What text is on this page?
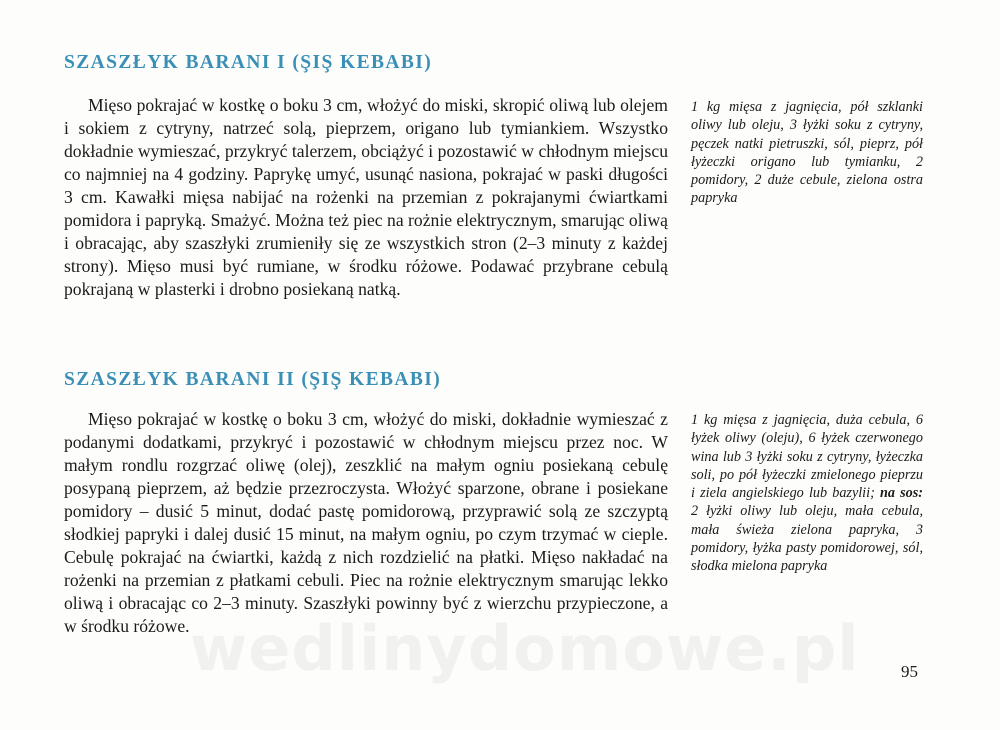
SZASZŁYK BARANI I (ŞIŞ KEBABI)

Mięso pokrajać w kostkę o boku 3 cm, włożyć do miski, skropić oliwą lub olejem i sokiem z cytryny, natrzeć solą, pieprzem, origano lub tymiankiem. Wszystko dokładnie wymieszać, przykryć talerzem, obciążyć i pozostawić w chłodnym miejscu co najmniej na 4 godziny. Paprykę umyć, usunąć nasiona, pokrajać w paski długości 3 cm. Kawałki mięsa nabijać na rożenki na przemian z pokrajanymi ćwiartkami pomidora i papryką. Smażyć. Można też piec na rożnie elektrycznym, smarując oliwą i obracając, aby szaszłyki zrumieniły się ze wszystkich stron (2–3 minuty z każdej strony). Mięso musi być rumiane, w środku różowe. Podawać przybrane cebulą pokrajaną w plasterki i drobno posiekaną natką.

1 kg mięsa z jagnięcia, pół szklanki oliwy lub oleju, 3 łyżki soku z cytryny, pęczek natki pietruszki, sól, pieprz, pół łyżeczki origano lub tymianku, 2 pomidory, 2 duże cebule, zielona ostra papryka

SZASZŁYK BARANI II (ŞIŞ KEBABI)

Mięso pokrajać w kostkę o boku 3 cm, włożyć do miski, dokładnie wymieszać z podanymi dodatkami, przykryć i pozostawić w chłodnym miejscu przez noc. W małym rondlu rozgrzać oliwę (olej), zeszklić na małym ogniu posiekaną cebulę posypaną pieprzem, aż będzie przezroczysta. Włożyć sparzone, obrane i posiekane pomidory – dusić 5 minut, dodać pastę pomidorową, przyprawić solą ze szczyptą słodkiej papryki i dalej dusić 15 minut, na małym ogniu, po czym trzymać w cieple. Cebulę pokrajać na ćwiartki, każdą z nich rozdzielić na płatki. Mięso nakładać na rożenki na przemian z płatkami cebuli. Piec na rożnie elektrycznym smarując lekko oliwą i obracając co 2–3 minuty. Szaszłyki powinny być z wierzchu przypieczone, a w środku różowe.

1 kg mięsa z jagnięcia, duża cebula, 6 łyżek oliwy (oleju), 6 łyżek czerwonego wina lub 3 łyżki soku z cytryny, łyżeczka soli, po pół łyżeczki zmielonego pieprzu i ziela angielskiego lub bazylii; na sos: 2 łyżki oliwy lub oleju, mała cebula, mała świeża zielona papryka, 3 pomidory, łyżka pasty pomidorowej, sól, słodka mielona papryka

wedlinydomowe.pl 95
